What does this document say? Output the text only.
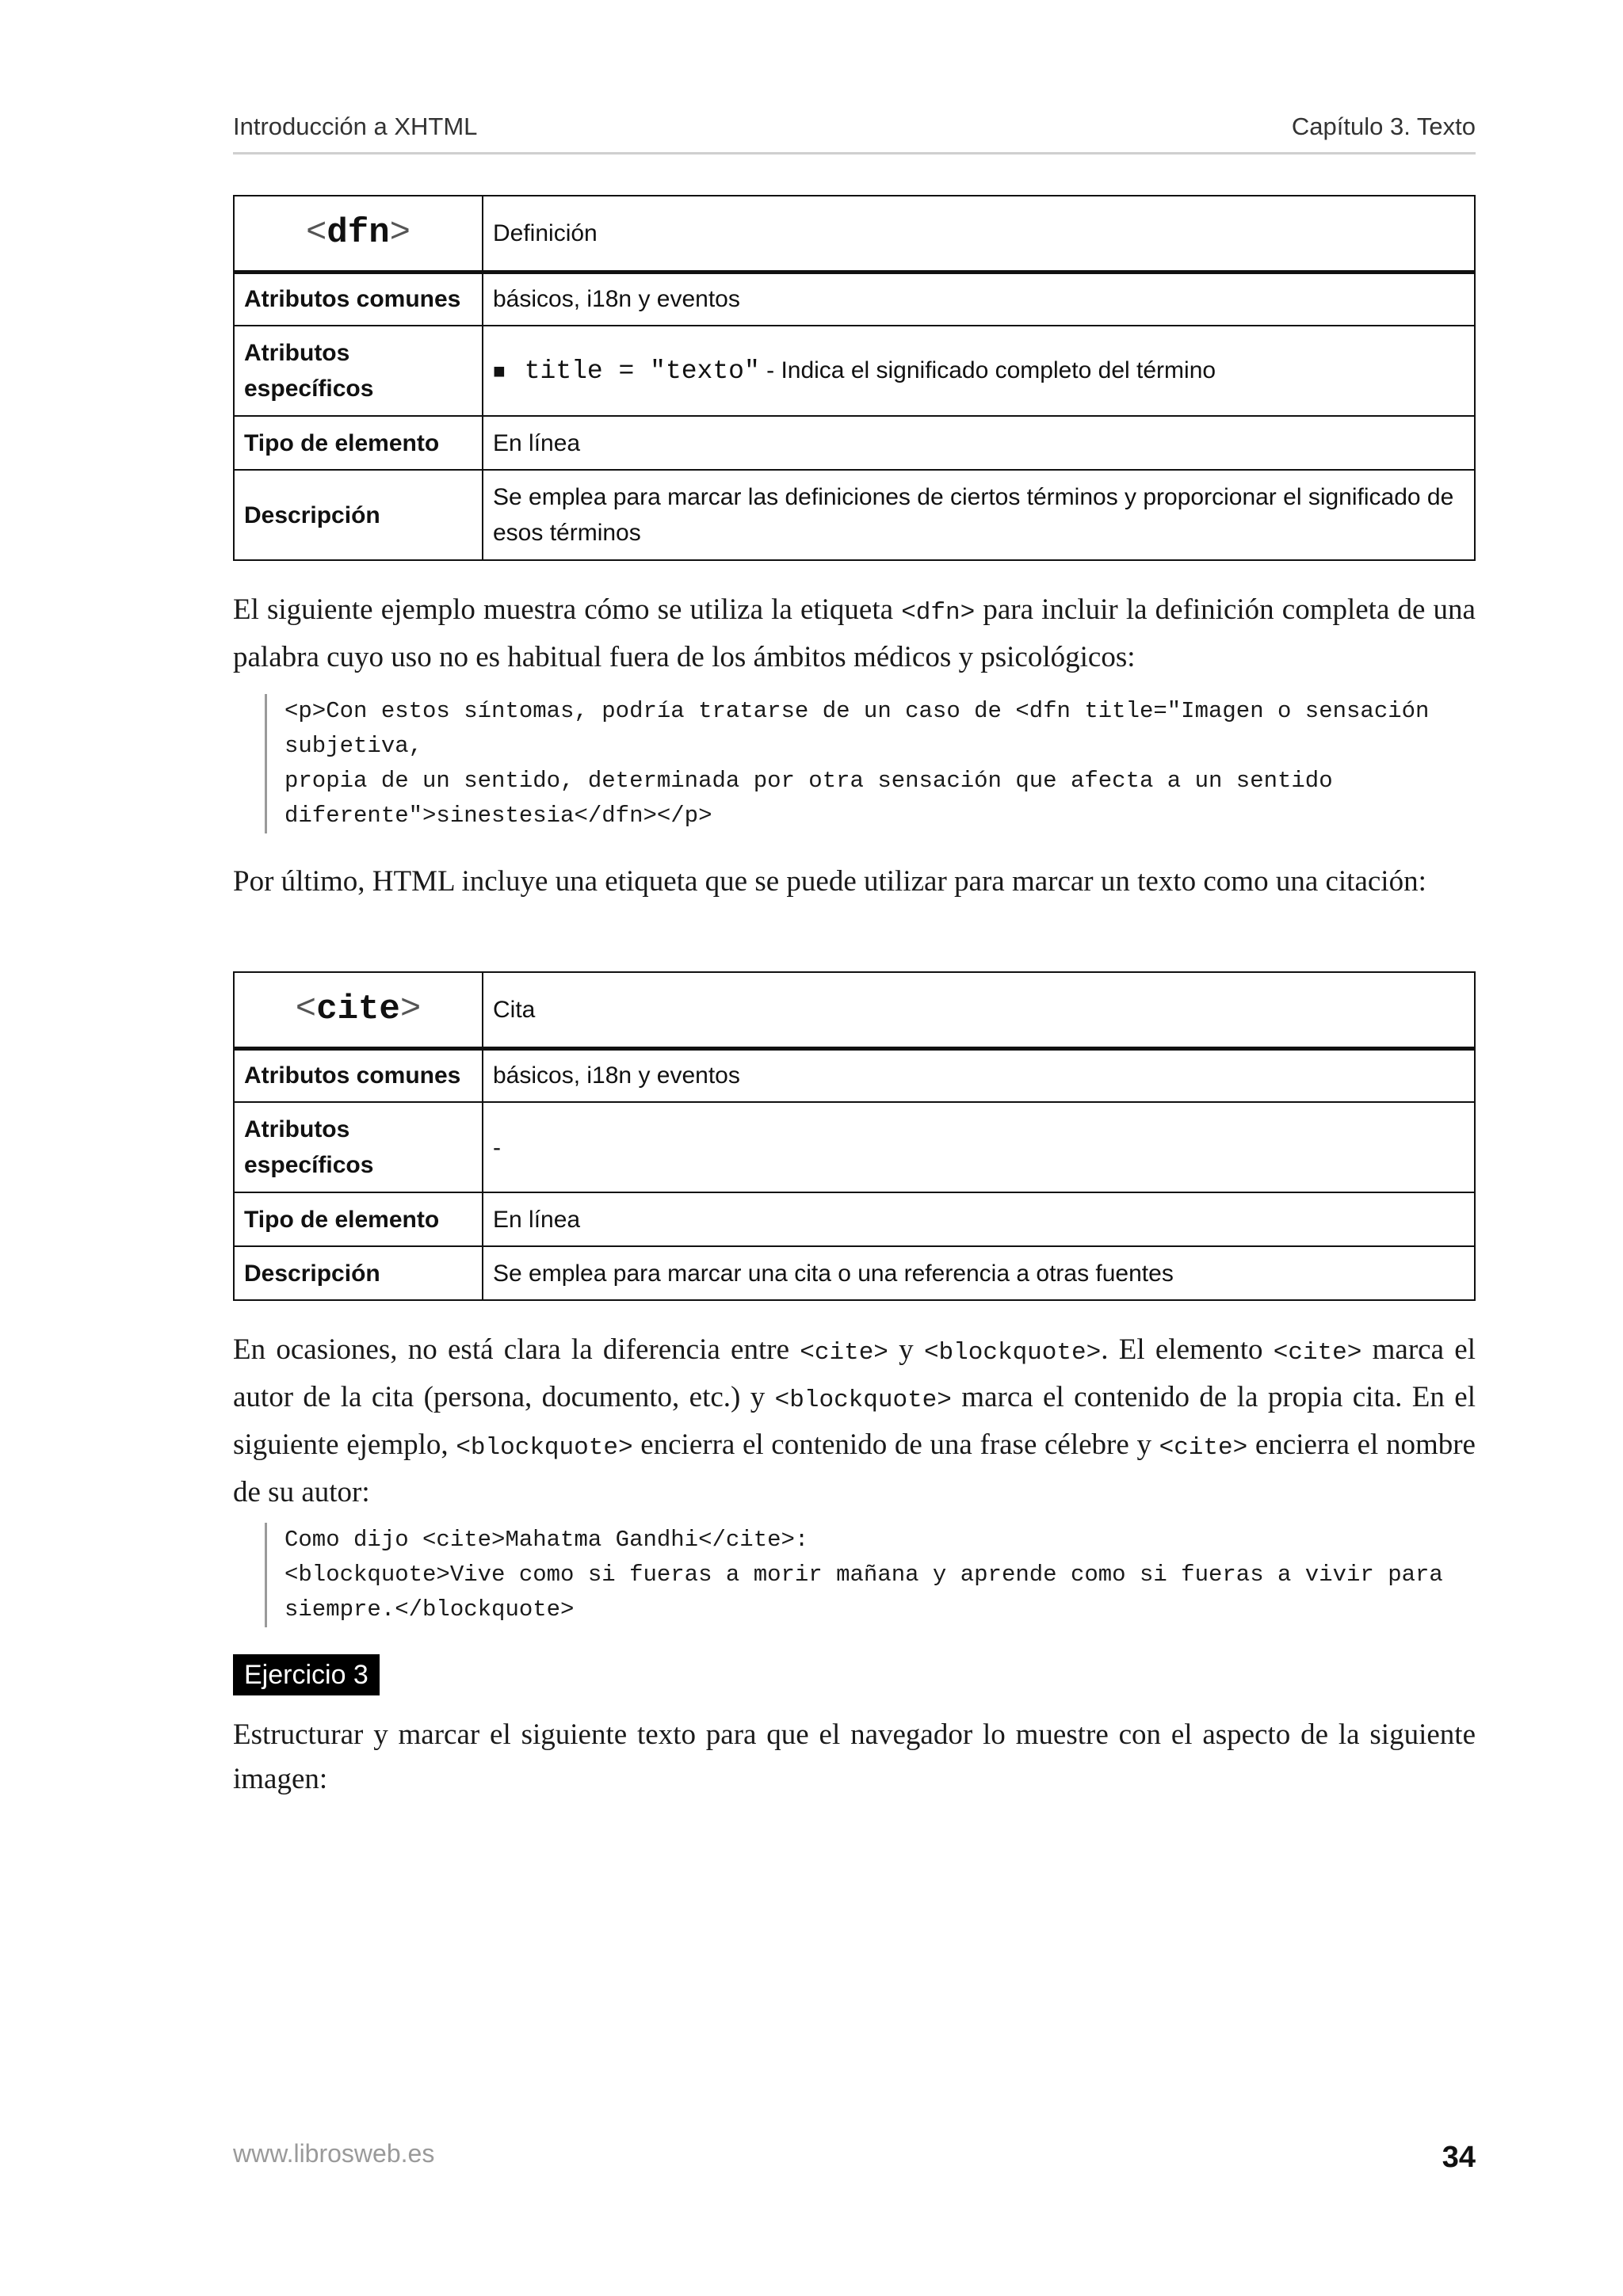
Introducción a XHTML	Capítulo 3. Texto
<dfn>	Definición
Atributos comunes	básicos, i18n y eventos
Atributos específicos	■ title = "texto" - Indica el significado completo del término
Tipo de elemento	En línea
Descripción	Se emplea para marcar las definiciones de ciertos términos y proporcionar el significado de esos términos

El siguiente ejemplo muestra cómo se utiliza la etiqueta <dfn> para incluir la definición completa de una palabra cuyo uso no es habitual fuera de los ámbitos médicos y psicológicos:

<p>Con estos síntomas, podría tratarse de un caso de <dfn title="Imagen o sensación subjetiva,
propia de un sentido, determinada por otra sensación que afecta a un sentido diferente">sinestesia</dfn></p>

Por último, HTML incluye una etiqueta que se puede utilizar para marcar un texto como una citación:

<cite>	Cita
Atributos comunes	básicos, i18n y eventos
Atributos específicos	-
Tipo de elemento	En línea
Descripción	Se emplea para marcar una cita o una referencia a otras fuentes

En ocasiones, no está clara la diferencia entre <cite> y <blockquote>. El elemento <cite> marca el autor de la cita (persona, documento, etc.) y <blockquote> marca el contenido de la propia cita. En el siguiente ejemplo, <blockquote> encierra el contenido de una frase célebre y <cite> encierra el nombre de su autor:

Como dijo <cite>Mahatma Gandhi</cite>:
<blockquote>Vive como si fueras a morir mañana y aprende como si fueras a vivir para siempre.</blockquote>
Ejercicio 3

Estructurar y marcar el siguiente texto para que el navegador lo muestre con el aspecto de la siguiente imagen:

www.librosweb.es	34
